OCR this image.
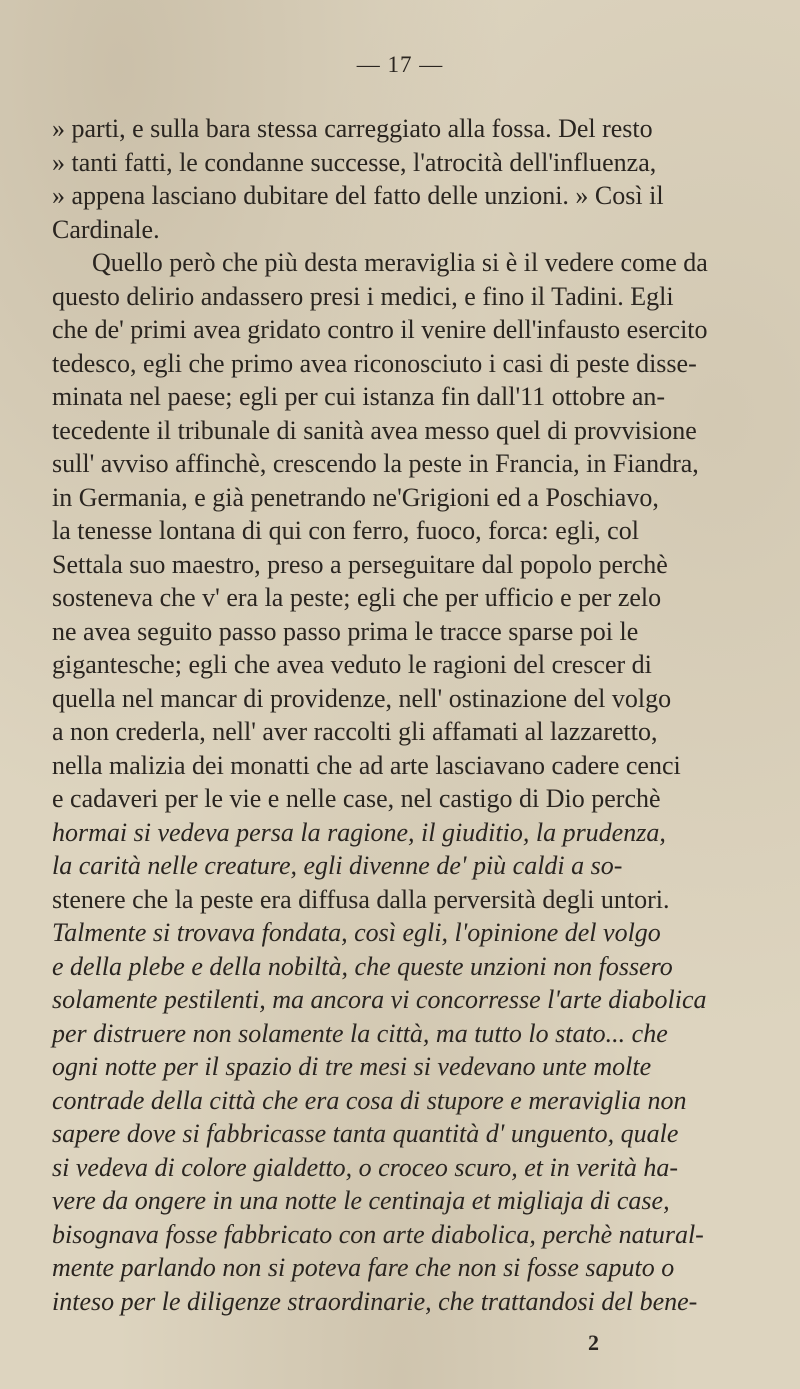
— 17 —
» parti, e sulla bara stessa carreggiato alla fossa. Del resto
» tanti fatti, le condanne successe, l'atrocità dell'influenza,
» appena lasciano dubitare del fatto delle unzioni. » Così il
Cardinale.
Quello però che più desta meraviglia si è il vedere come da
questo delirio andassero presi i medici, e fino il Tadini. Egli
che de' primi avea gridato contro il venire dell'infausto esercito
tedesco, egli che primo avea riconosciuto i casi di peste disse-
minata nel paese; egli per cui istanza fin dall'11 ottobre an-
tecedente il tribunale di sanità avea messo quel di provvisione
sull' avviso affinchè, crescendo la peste in Francia, in Fiandra,
in Germania, e già penetrando ne'Grigioni ed a Poschiavo,
la tenesse lontana di qui con ferro, fuoco, forca: egli, col
Settala suo maestro, preso a perseguitare dal popolo perchè
sosteneva che v' era la peste; egli che per ufficio e per zelo
ne avea seguito passo passo prima le tracce sparse poi le
gigantesche; egli che avea veduto le ragioni del crescer di
quella nel mancar di providenze, nell' ostinazione del volgo
a non crederla, nell' aver raccolti gli affamati al lazzaretto,
nella malizia dei monatti che ad arte lasciavano cadere cenci
e cadaveri per le vie e nelle case, nel castigo di Dio perchè
hormai si vedeva persa la ragione, il giuditio, la prudenza,
la carità nelle creature, egli divenne de' più caldi a so-
stenere che la peste era diffusa dalla perversità degli untori.
Talmente si trovava fondata, così egli, l'opinione del volgo
e della plebe e della nobiltà, che queste unzioni non fossero
solamente pestilenti, ma ancora vi concorresse l'arte diabolica
per distruere non solamente la città, ma tutto lo stato... che
ogni notte per il spazio di tre mesi si vedevano unte molte
contrade della città che era cosa di stupore e meraviglia non
sapere dove si fabbricasse tanta quantità d' unguento, quale
si vedeva di colore gialdetto, o croceo scuro, et in verità ha-
2
vere da ongere in una notte le centinaja et migliaja di case,
bisognava fosse fabbricato con arte diabolica, perchè natural-
mente parlando non si poteva fare che non si fosse saputo o
inteso per le diligenze straordinarie, che trattandosi del bene-
